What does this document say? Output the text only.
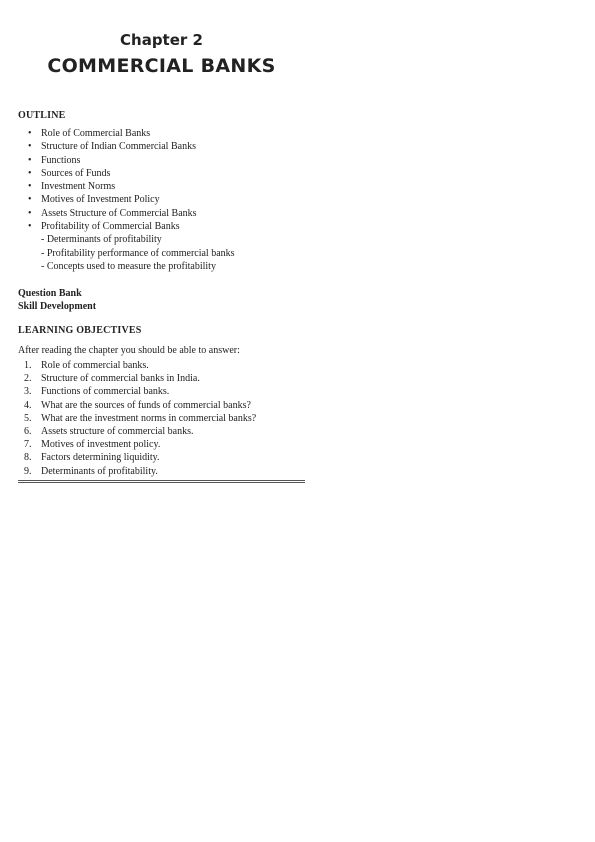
Chapter 2
COMMERCIAL BANKS
OUTLINE
• Role of Commercial Banks
• Structure of Indian Commercial Banks
• Functions
• Sources of Funds
• Investment Norms
• Motives of Investment Policy
• Assets Structure of Commercial Banks
• Profitability of Commercial Banks
- Determinants of profitability
- Profitability performance of commercial banks
- Concepts used to measure the profitability
Question Bank
Skill Development
LEARNING OBJECTIVES
After reading the chapter you should be able to answer:
1. Role of commercial banks.
2. Structure of commercial banks in India.
3. Functions of commercial banks.
4. What are the sources of funds of commercial banks?
5. What are the investment norms in commercial banks?
6. Assets structure of commercial banks.
7. Motives of investment policy.
8. Factors determining liquidity.
9. Determinants of profitability.
